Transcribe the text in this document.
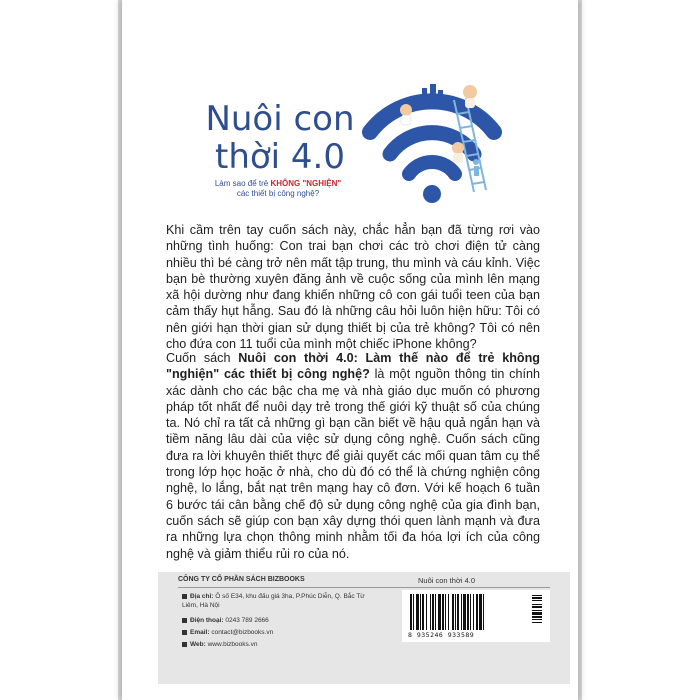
Nuôi con
thời 4.0
Làm sao để trẻ KHÔNG "NGHIỆN"
các thiết bị công nghệ?
Khi cầm trên tay cuốn sách này, chắc hẳn bạn đã từng rơi vào những tình huống: Con trai bạn chơi các trò chơi điện tử càng nhiều thì bé càng trở nên mất tập trung, thu mình và cáu kỉnh. Việc bạn bè thường xuyên đăng ảnh về cuộc sống của mình lên mạng xã hội dường như đang khiến những cô con gái tuổi teen của bạn cảm thấy hụt hẫng. Sau đó là những câu hỏi luôn hiện hữu: Tôi có nên giới hạn thời gian sử dụng thiết bị của trẻ không? Tôi có nên cho đứa con 11 tuổi của mình một chiếc iPhone không?
Cuốn sách Nuôi con thời 4.0: Làm thế nào để trẻ không "nghiện" các thiết bị công nghệ? là một nguồn thông tin chính xác dành cho các bậc cha mẹ và nhà giáo dục muốn có phương pháp tốt nhất để nuôi dạy trẻ trong thế giới kỹ thuật số của chúng ta. Nó chỉ ra tất cả những gì bạn cần biết về hậu quả ngắn hạn và tiềm năng lâu dài của việc sử dụng công nghệ. Cuốn sách cũng đưa ra lời khuyên thiết thực để giải quyết các mối quan tâm cụ thể trong lớp học hoặc ở nhà, cho dù đó có thể là chứng nghiện công nghệ, lo lắng, bắt nạt trên mạng hay cô đơn. Với kế hoạch 6 tuần 6 bước tái cân bằng chế độ sử dụng công nghệ của gia đình bạn, cuốn sách sẽ giúp con bạn xây dựng thói quen lành mạnh và đưa ra những lựa chọn thông minh nhằm tối đa hóa lợi ích của công nghệ và giảm thiểu rủi ro của nó.
CÔNG TY CỔ PHẦN SÁCH BIZBOOKS	Nuôi con thời 4.0
Địa chỉ: Ô số E34, khu đấu giá 3ha, P.Phúc Diễn, Q. Bắc Từ Liêm, Hà Nội
Điện thoại: 0243 789 2666
Email: contact@bizbooks.vn
Web: www.bizbooks.vn
8 935246 933589
